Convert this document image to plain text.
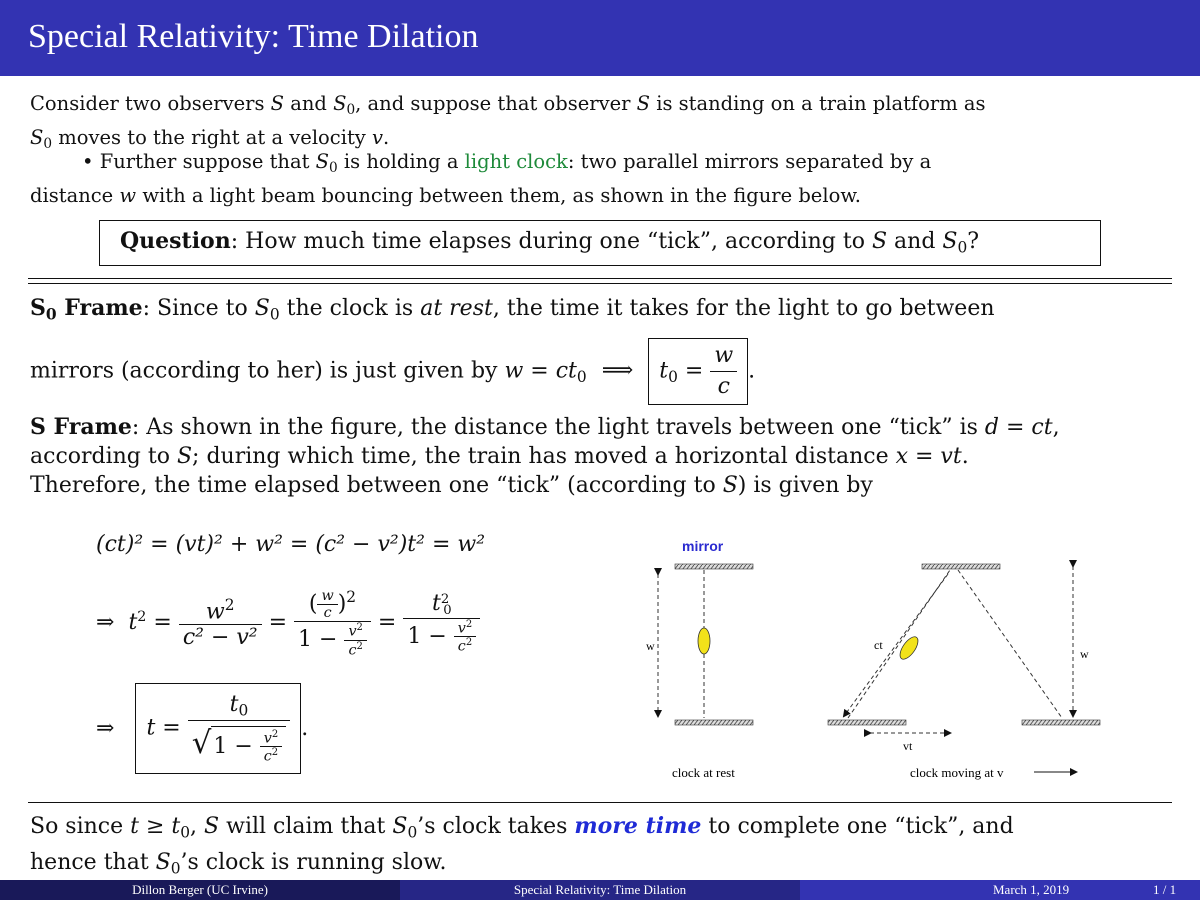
Special Relativity: Time Dilation
Consider two observers S and $S_0$, and suppose that observer S is standing on a train platform as
$S_0$ moves to the right at a velocity v.
• Further suppose that $S_0$ is holding a light clock: two parallel mirrors separated by a
distance w with a light beam bouncing between them, as shown in the figure below.
Question: How much time elapses during one “tick”, according to S and $S_0$?
$S_0$ Frame: Since to $S_0$ the clock is at rest, the time it takes for the light to go between
mirrors (according to her) is just given by $w = ct_0$ ⟹ $t_0 = \frac{w}{c}$ .
S Frame: As shown in the figure, the distance the light travels between one “tick” is d = ct,
according to S; during which time, the train has moved a horizontal distance x = vt.
Therefore, the time elapsed between one “tick” (according to S) is given by
(ct)² = (vt)² + w² = (c² − v²)t² = w²
⇒ $t^2 = \frac{w^2}{\text{c² − v²}} = \frac{( \frac{w}{c} )^2}{1 - \frac{v^2}{c^2}} = \frac{t^2_0}{1 - \frac{v^2}{c^2}}$
⇒ $t = \frac{t_0}{√1 - \frac{v^2}{c^2}}$ .
mirror
w
clock at rest
ct
w
vt
clock moving at v
So since $t \ge t_0$, S will claim that $S_0’s$ clock takes more time to complete one “tick”, and
hence that $S_0’s$ clock is running slow.
Dillon Berger (UC Irvine)	Special Relativity: Time Dilation	March 1, 2019	1 / 1
